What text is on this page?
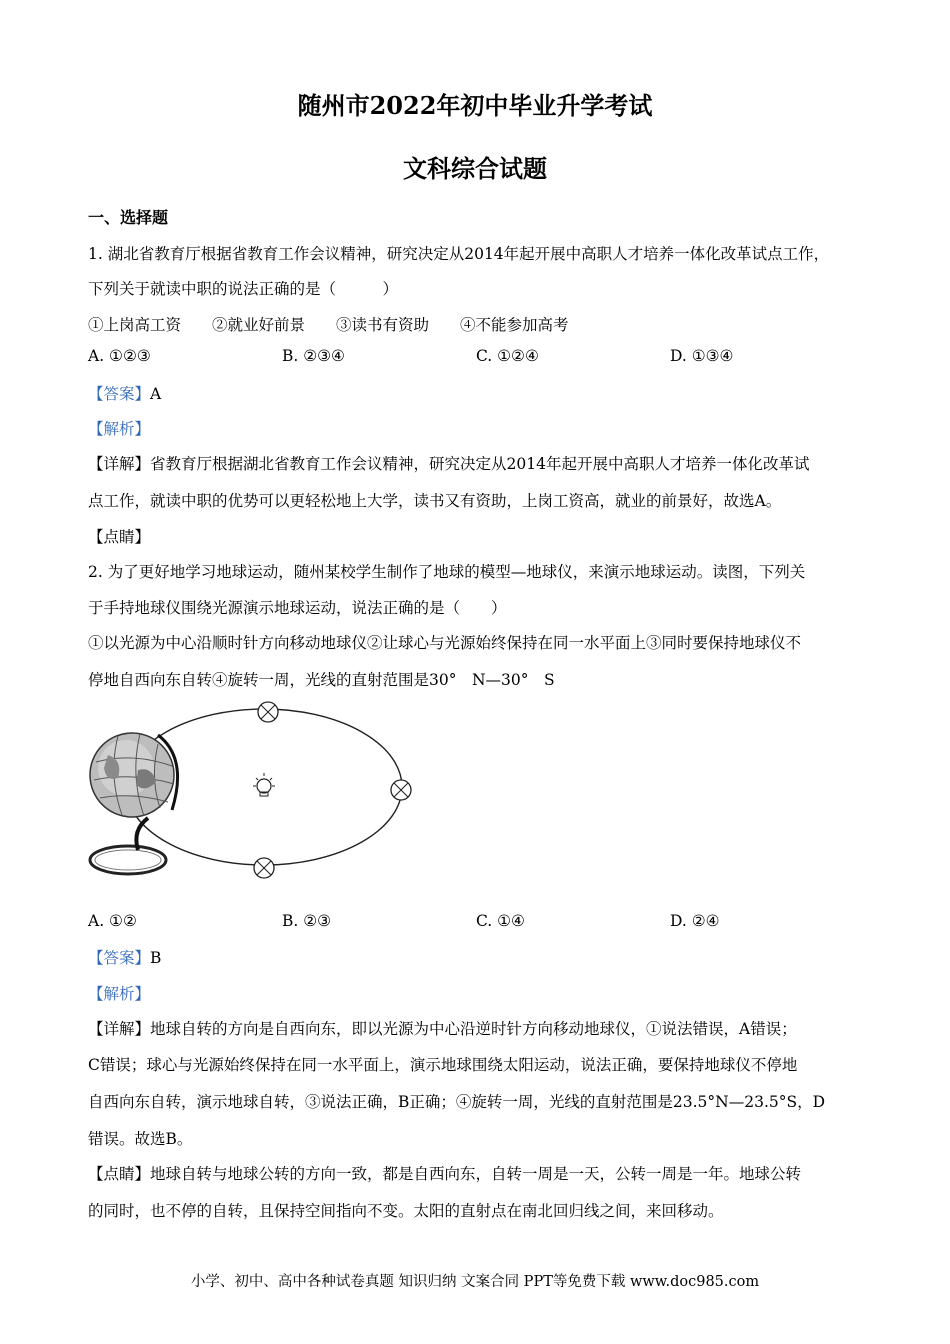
随州市2022年初中毕业升学考试
文科综合试题
一、选择题
1. 湖北省教育厅根据省教育工作会议精神，研究决定从2014年起开展中高职人才培养一体化改革试点工作，
下列关于就读中职的说法正确的是（　　　）
①上岗高工资　　②就业好前景　　③读书有资助　　④不能参加高考
A. ①②③	B. ②③④	C. ①②④	D. ①③④
【答案】A
【解析】
【详解】省教育厅根据湖北省教育工作会议精神，研究决定从2014年起开展中高职人才培养一体化改革试
点工作，就读中职的优势可以更轻松地上大学，读书又有资助，上岗工资高，就业的前景好，故选A。
【点睛】
2. 为了更好地学习地球运动，随州某校学生制作了地球的模型—地球仪，来演示地球运动。读图，下列关
于手持地球仪围绕光源演示地球运动，说法正确的是（　　）
①以光源为中心沿顺时针方向移动地球仪②让球心与光源始终保持在同一水平面上③同时要保持地球仪不
停地自西向东自转④旋转一周，光线的直射范围是30°　N—30°　S
A. ①②	B. ②③	C. ①④	D. ②④
【答案】B
【解析】
【详解】地球自转的方向是自西向东，即以光源为中心沿逆时针方向移动地球仪，①说法错误，A错误；
C错误；球心与光源始终保持在同一水平面上，演示地球围绕太阳运动，说法正确，要保持地球仪不停地
自西向东自转，演示地球自转，③说法正确，B正确；④旋转一周，光线的直射范围是23.5°N—23.5°S，D
错误。故选B。
【点睛】地球自转与地球公转的方向一致，都是自西向东，自转一周是一天，公转一周是一年。地球公转
的同时，也不停的自转，且保持空间指向不变。太阳的直射点在南北回归线之间，来回移动。
小学、初中、高中各种试卷真题 知识归纳 文案合同 PPT等免费下载 www.doc985.com
